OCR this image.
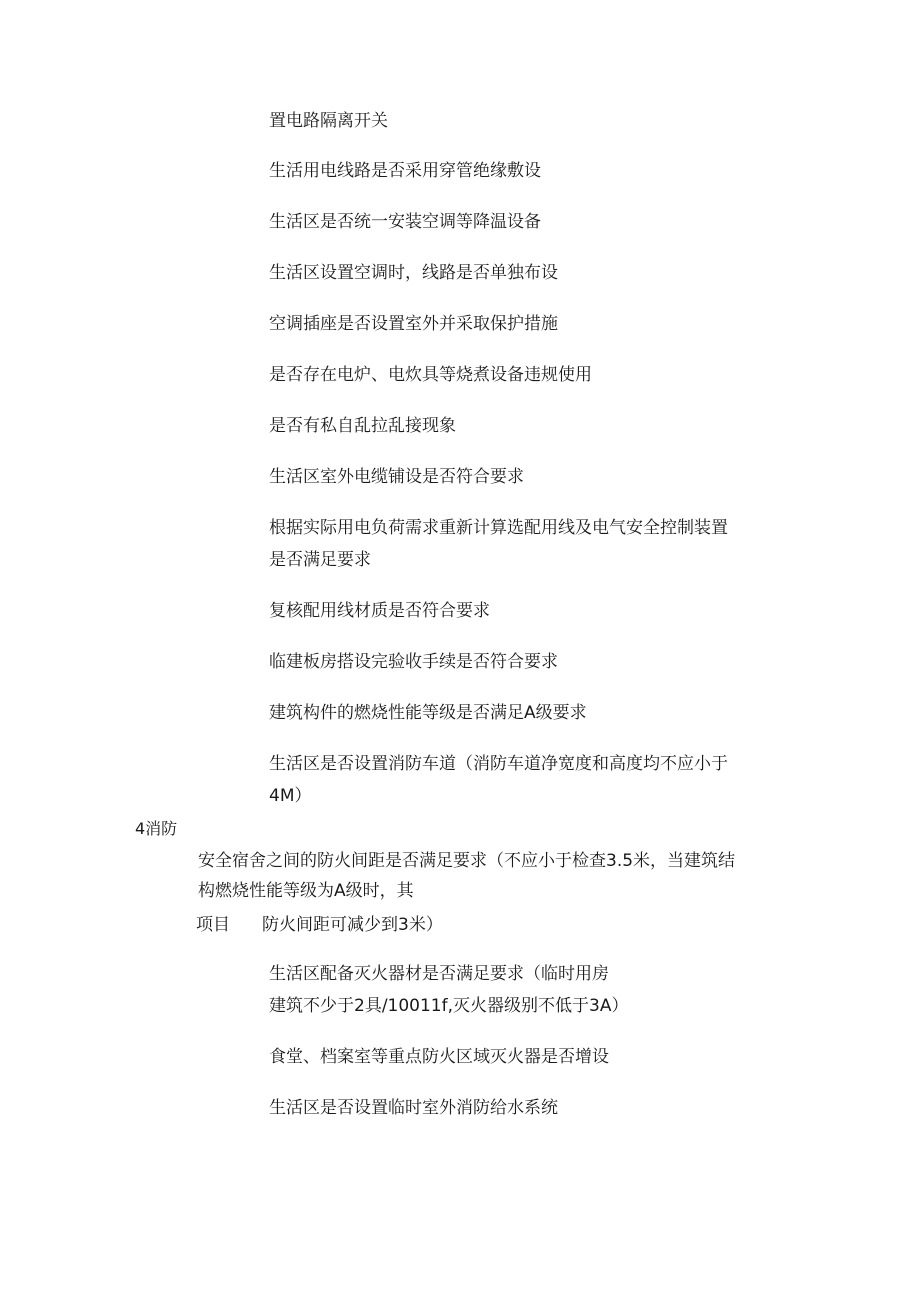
置电路隔离开关
生活用电线路是否采用穿管绝缘敷设
生活区是否统一安装空调等降温设备
生活区设置空调时，线路是否单独布设
空调插座是否设置室外并采取保护措施
是否存在电炉、电炊具等烧煮设备违规使用
是否有私自乱拉乱接现象
生活区室外电缆铺设是否符合要求
根据实际用电负荷需求重新计算选配用线及电气安全控制装置
是否满足要求
复核配用线材质是否符合要求
临建板房搭设完验收手续是否符合要求
建筑构件的燃烧性能等级是否满足A级要求
生活区是否设置消防车道（消防车道净宽度和高度均不应小于
4M）
4消防
安全宿舍之间的防火间距是否满足要求（不应小于检查3.5米，当建筑结
构燃烧性能等级为A级时，其
项目 防火间距可减少到3米）
生活区配备灭火器材是否满足要求（临时用房
建筑不少于2具/10011f,灭火器级别不低于3A）
食堂、档案室等重点防火区域灭火器是否增设
生活区是否设置临时室外消防给水系统
